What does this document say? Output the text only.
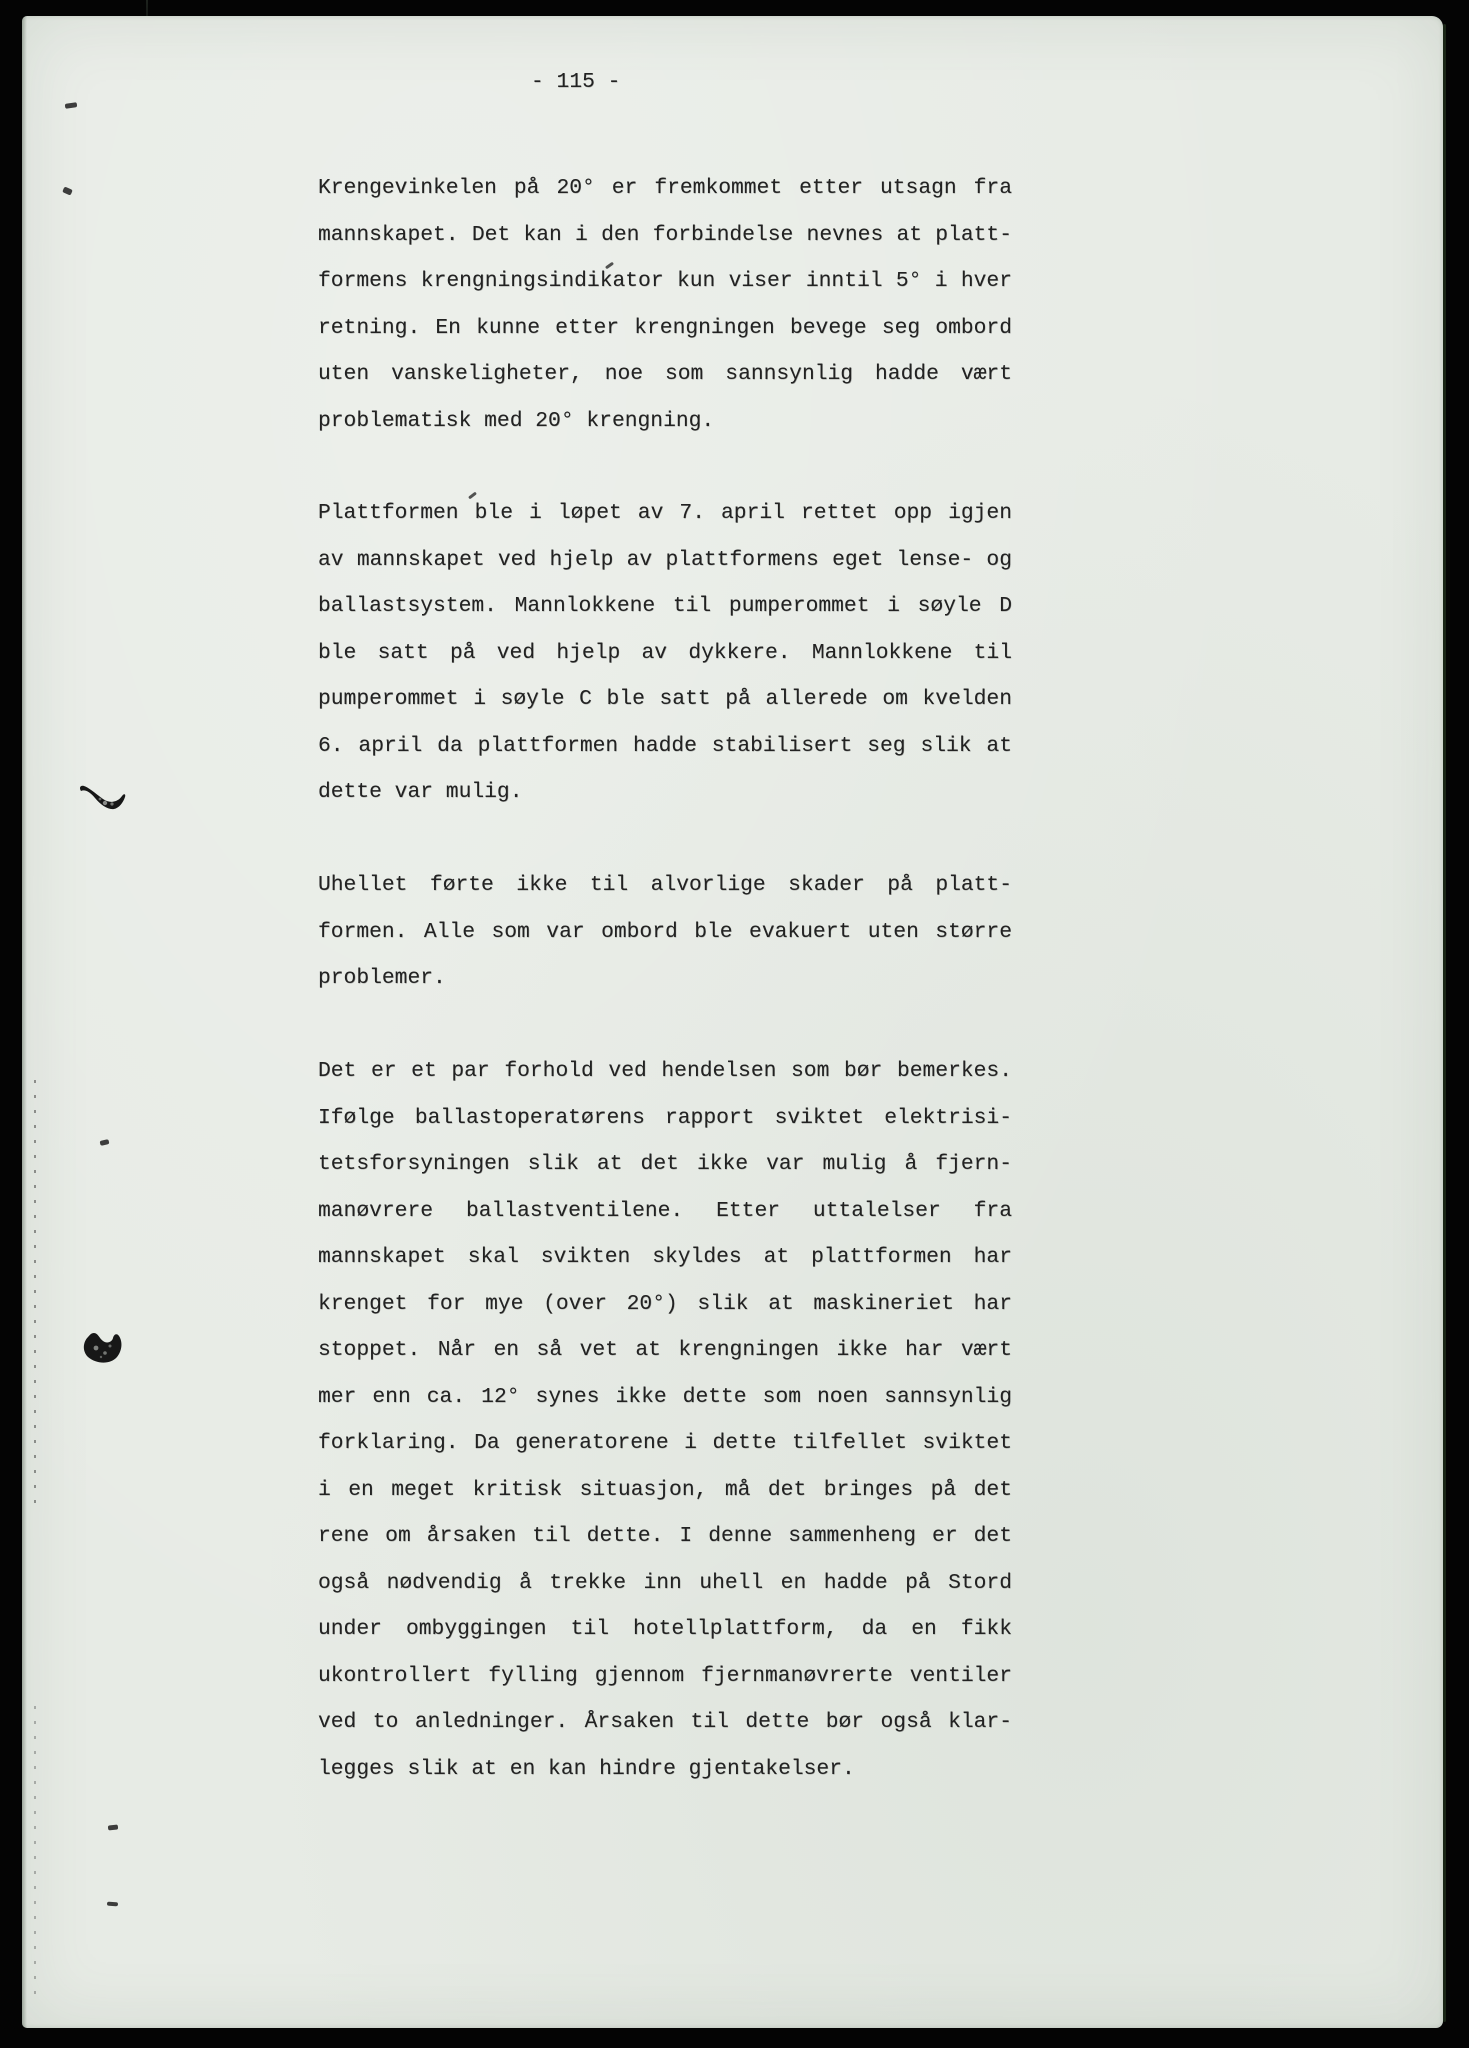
- 115 -
Krengevinkelen på 20° er fremkommet etter utsagn fra
mannskapet. Det kan i den forbindelse nevnes at platt-
formens krengningsindikator kun viser inntil 5° i hver
retning. En kunne etter krengningen bevege seg ombord
uten vanskeligheter, noe som sannsynlig hadde vært
problematisk med 20° krengning.
Plattformen ble i løpet av 7. april rettet opp igjen
av mannskapet ved hjelp av plattformens eget lense- og
ballastsystem. Mannlokkene til pumperommet i søyle D
ble satt på ved hjelp av dykkere. Mannlokkene til
pumperommet i søyle C ble satt på allerede om kvelden
6. april da plattformen hadde stabilisert seg slik at
dette var mulig.
Uhellet førte ikke til alvorlige skader på platt-
formen. Alle som var ombord ble evakuert uten større
problemer.
Det er et par forhold ved hendelsen som bør bemerkes.
Ifølge ballastoperatørens rapport sviktet elektrisi-
tetsforsyningen slik at det ikke var mulig å fjern-
manøvrere ballastventilene. Etter uttalelser fra
mannskapet skal svikten skyldes at plattformen har
krenget for mye (over 20°) slik at maskineriet har
stoppet. Når en så vet at krengningen ikke har vært
mer enn ca. 12° synes ikke dette som noen sannsynlig
forklaring. Da generatorene i dette tilfellet sviktet
i en meget kritisk situasjon, må det bringes på det
rene om årsaken til dette. I denne sammenheng er det
også nødvendig å trekke inn uhell en hadde på Stord
under ombyggingen til hotellplattform, da en fikk
ukontrollert fylling gjennom fjernmanøvrerte ventiler
ved to anledninger. Årsaken til dette bør også klar-
legges slik at en kan hindre gjentakelser.
